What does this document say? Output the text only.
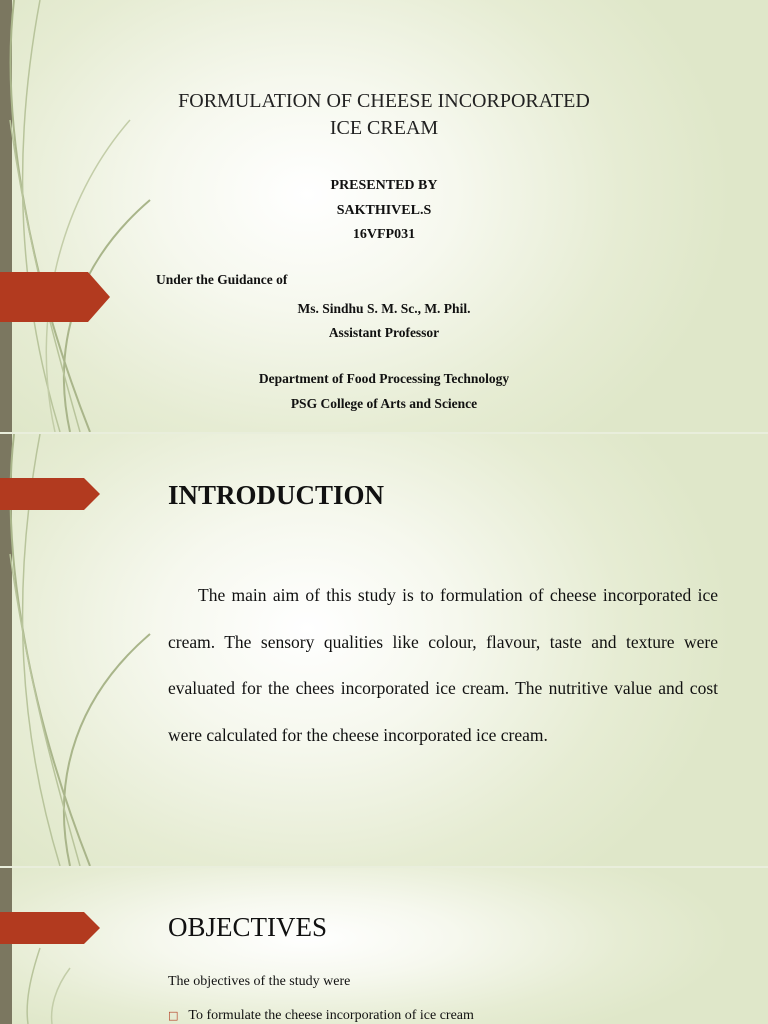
FORMULATION OF CHEESE INCORPORATED
ICE CREAM
PRESENTED BY
SAKTHIVEL.S
16VFP031
Under the Guidance of
Ms. Sindhu S. M. Sc., M. Phil.
Assistant Professor
Department of Food Processing Technology
PSG College of Arts and Science
INTRODUCTION
The main aim of this study is to formulation of cheese incorporated ice cream. The sensory qualities like colour, flavour, taste and texture were evaluated for the chees incorporated ice cream. The nutritive value and cost were calculated for the cheese incorporated ice cream.
OBJECTIVES
The objectives of the study were
□ To formulate the cheese incorporation of ice cream
